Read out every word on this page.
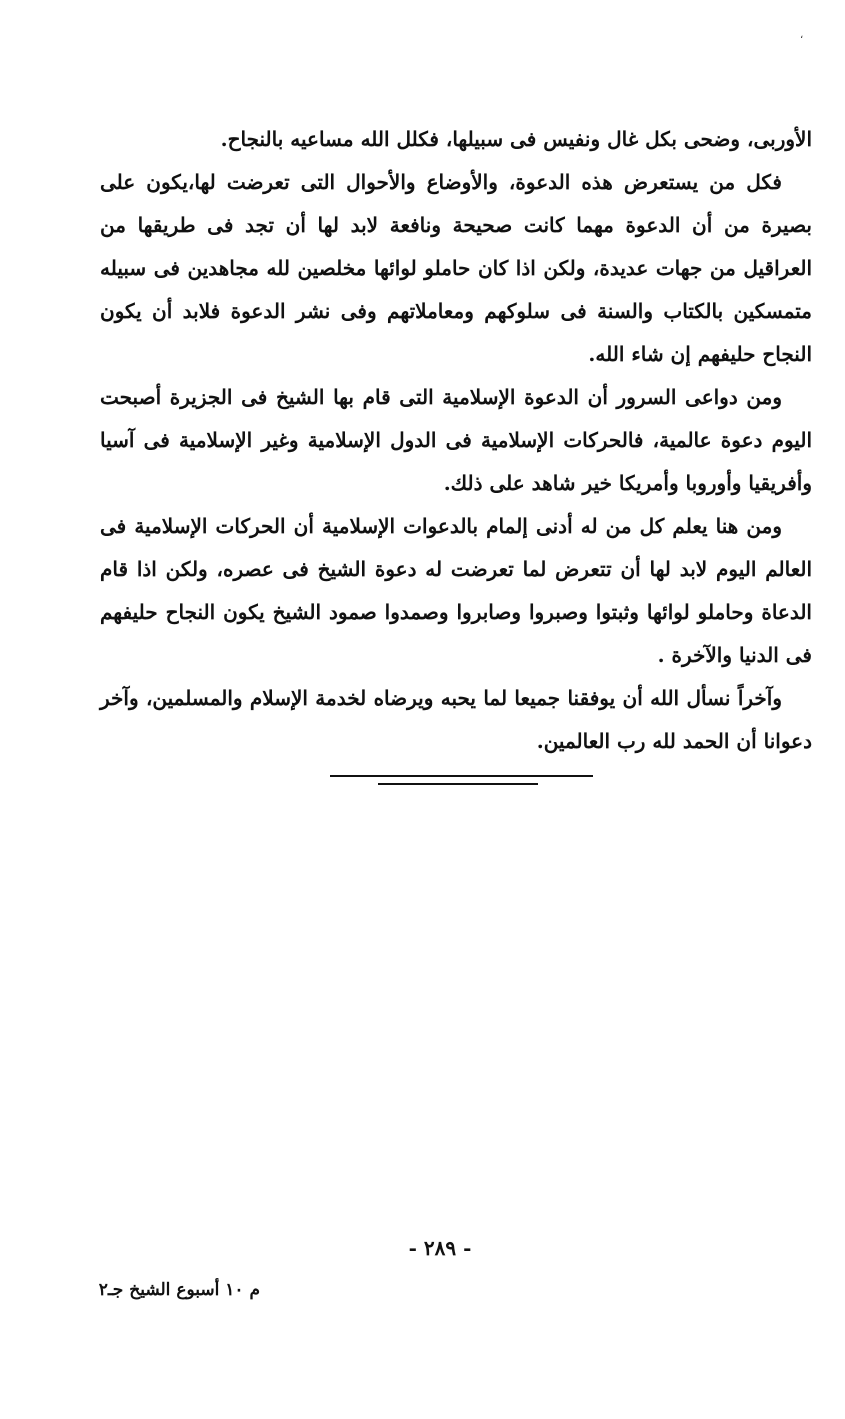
،

الأوربى، وضحى بكل غال ونفيس فى سبيلها، فكلل الله مساعيه بالنجاح.

فكل من يستعرض هذه الدعوة، والأوضاع والأحوال التى تعرضت لها،يكون على بصيرة من أن الدعوة مهما كانت صحيحة ونافعة لابد لها أن تجد فى طريقها من العراقيل من جهات عديدة، ولكن اذا كان حاملو لوائها مخلصين لله مجاهدين فى سبيله متمسكين بالكتاب والسنة فى سلوكهم ومعاملاتهم وفى نشر الدعوة فلابد أن يكون النجاح حليفهم إن شاء الله.

ومن دواعى السرور أن الدعوة الإسلامية التى قام بها الشيخ فى الجزيرة أصبحت اليوم دعوة عالمية، فالحركات الإسلامية فى الدول الإسلامية وغير الإسلامية فى آسيا وأفريقيا وأوروبا وأمريكا خير شاهد على ذلك.

ومن هنا يعلم كل من له أدنى إلمام بالدعوات الإسلامية أن الحركات الإسلامية فى العالم اليوم لابد لها أن تتعرض لما تعرضت له دعوة الشيخ فى عصره، ولكن اذا قام الدعاة وحاملو لوائها وثبتوا وصبروا وصابروا وصمدوا صمود الشيخ يكون النجاح حليفهم فى الدنيا والآخرة .

وآخراً نسأل الله أن يوفقنا جميعا لما يحبه ويرضاه لخدمة الإسلام والمسلمين، وآخر دعوانا أن الحمد لله رب العالمين.

- ٢٨٩ -
م ١٠ أسبوع الشيخ جـ٢
